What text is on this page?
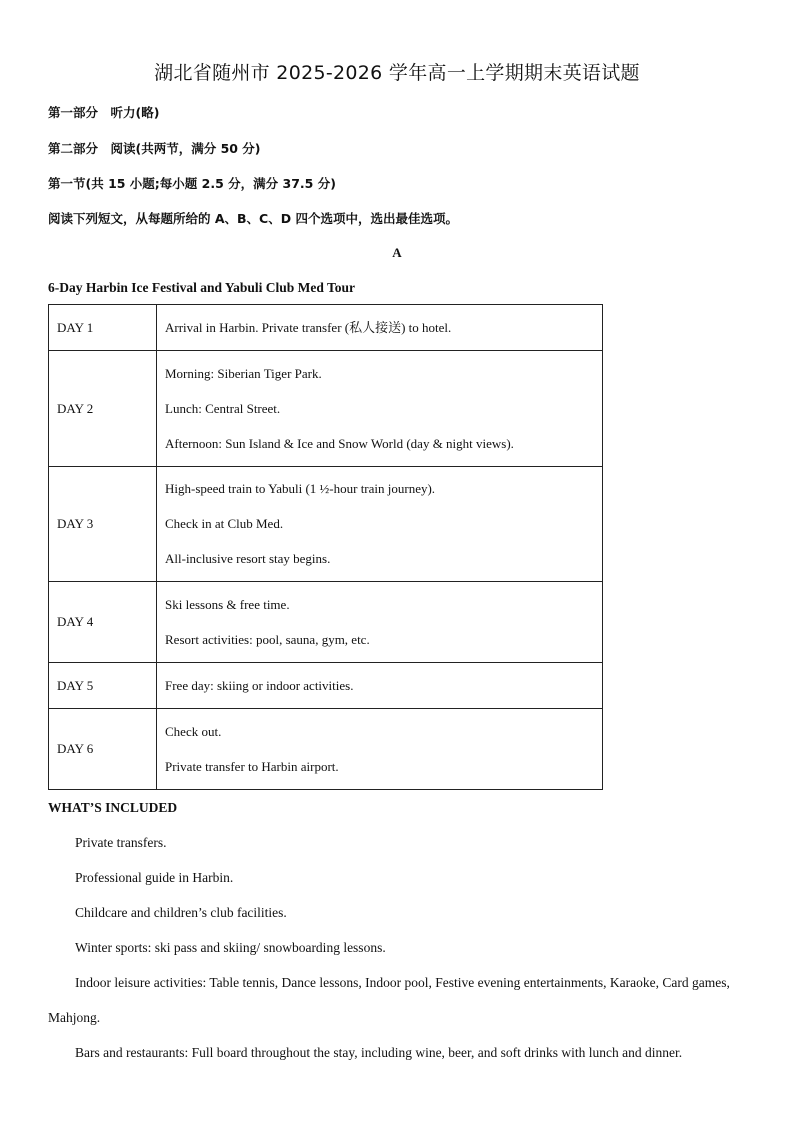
湖北省随州市 2025-2026 学年高一上学期期末英语试题
第一部分　听力(略)
第二部分　阅读(共两节，满分 50 分)
第一节(共 15 小题;每小题 2.5 分，满分 37.5 分)
阅读下列短文，从每题所给的 A、B、C、D 四个选项中，选出最佳选项。
A
6-Day Harbin Ice Festival and Yabuli Club Med Tour
DAY 1	Arrival in Harbin. Private transfer (私人接送) to hotel.

DAY 2	Morning: Siberian Tiger Park.
Lunch: Central Street.
Afternoon: Sun Island & Ice and Snow World (day & night views).

DAY 3	High-speed train to Yabuli (1 ½-hour train journey).
Check in at Club Med.
All-inclusive resort stay begins.

DAY 4	Ski lessons & free time.
Resort activities: pool, sauna, gym, etc.

DAY 5	Free day: skiing or indoor activities.

DAY 6	Check out.
Private transfer to Harbin airport.
WHAT’S INCLUDED
Private transfers.
Professional guide in Harbin.
Childcare and children’s club facilities.
Winter sports: ski pass and skiing/ snowboarding lessons.
Indoor leisure activities: Table tennis, Dance lessons, Indoor pool, Festive evening entertainments, Karaoke, Card games,
Mahjong.
Bars and restaurants: Full board throughout the stay, including wine, beer, and soft drinks with lunch and dinner.
